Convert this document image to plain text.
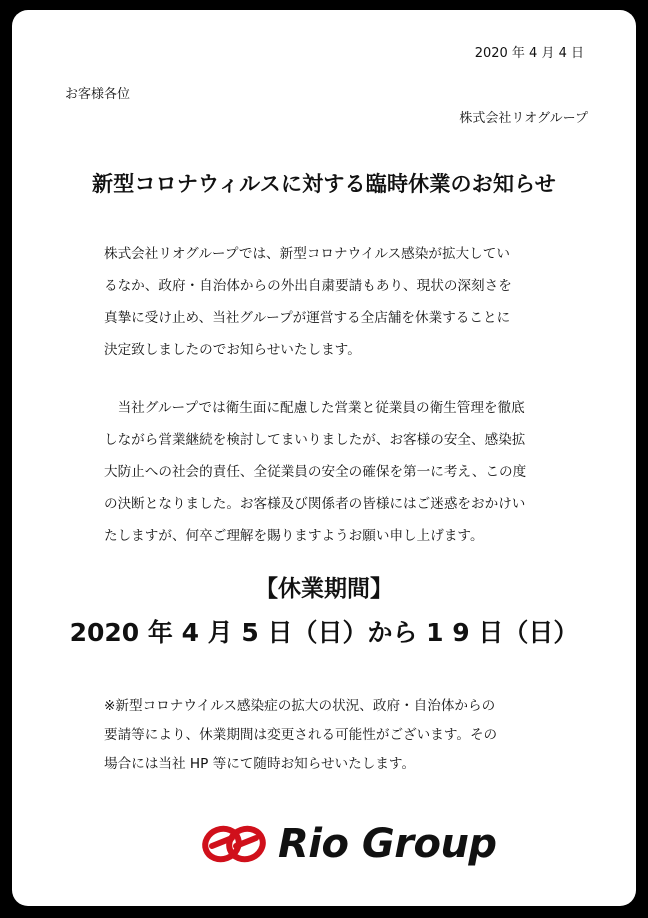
2020 年 4 月 4 日

お客様各位

株式会社リオグループ

新型コロナウィルスに対する臨時休業のお知らせ

株式会社リオグループでは、新型コロナウイルス感染が拡大してい

るなか、政府・自治体からの外出自粛要請もあり、現状の深刻さを

真摯に受け止め、当社グループが運営する全店舗を休業することに

決定致しましたのでお知らせいたします。

　当社グループでは衛生面に配慮した営業と従業員の衛生管理を徹底

しながら営業継続を検討してまいりましたが、お客様の安全、感染拡

大防止への社会的責任、全従業員の安全の確保を第一に考え、この度

の決断となりました。お客様及び関係者の皆様にはご迷惑をおかけい

たしますが、何卒ご理解を賜りますようお願い申し上げます。

【休業期間】
2020 年 4 月 5 日（日）から 1 9 日（日）

※新型コロナウイルス感染症の拡大の状況、政府・自治体からの

要請等により、休業期間は変更される可能性がございます。その

場合には当社 HP 等にて随時お知らせいたします。

Rio Group
